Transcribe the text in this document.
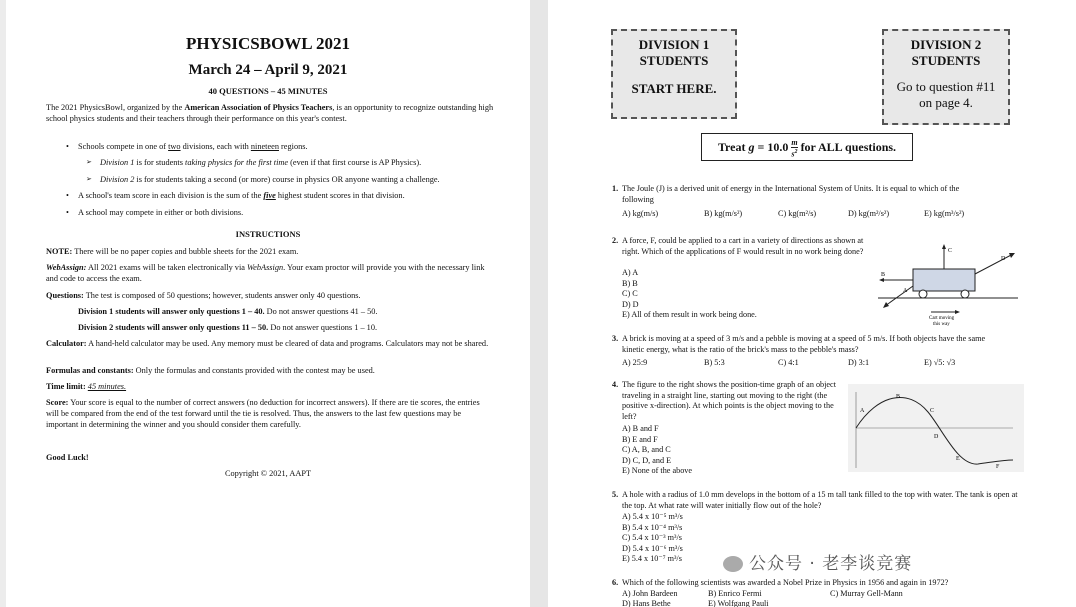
PHYSICSBOWL 2021
March 24 – April 9, 2021
40 QUESTIONS – 45 MINUTES
The 2021 PhysicsBowl, organized by the American Association of Physics Teachers, is an opportunity to recognize outstanding high school physics students and their teachers through their performance on this year's contest.
• Schools compete in one of two divisions, each with nineteen regions.
➢ Division 1 is for students taking physics for the first time (even if that first course is AP Physics).
➢ Division 2 is for students taking a second (or more) course in physics OR anyone wanting a challenge.
• A school's team score in each division is the sum of the five highest student scores in that division.
• A school may compete in either or both divisions.
INSTRUCTIONS
NOTE: There will be no paper copies and bubble sheets for the 2021 exam.
WebAssign: All 2021 exams will be taken electronically via WebAssign. Your exam proctor will provide you with the necessary link and code to access the exam.
Questions: The test is composed of 50 questions; however, students answer only 40 questions.
Division 1 students will answer only questions 1 – 40. Do not answer questions 41 – 50.
Division 2 students will answer only questions 11 – 50. Do not answer questions 1 – 10.
Calculator: A hand-held calculator may be used. Any memory must be cleared of data and programs. Calculators may not be shared.
Formulas and constants: Only the formulas and constants provided with the contest may be used.
Time limit: 45 minutes.
Score: Your score is equal to the number of correct answers (no deduction for incorrect answers). If there are tie scores, the entries will be compared from the end of the test forward until the tie is resolved. Thus, the answers to the last few questions may be important in determining the winner and you should consider them carefully.
Good Luck!
Copyright © 2021, AAPT
DIVISION 1
STUDENTS
START HERE.
DIVISION 2
STUDENTS
Go to question #11
on page 4.
Treat $g = 10.0 \frac{m}{s^2}$ for ALL questions.
1. The Joule (J) is a derived unit of energy in the International System of Units. It is equal to which of the following
A) kg(m/s)	B) kg(m/s²)	C) kg(m²/s)	D) kg(m²/s²)	E) kg(m³/s²)
2. A force, F, could be applied to a cart in a variety of directions as shown at right. Which of the applications of F would result in no work being done?
A) A
B) B
C) C
D) D
E) All of them result in work being done.
C
D
B
A
Cart moving
this way
3. A brick is moving at a speed of 3 m/s and a pebble is moving at a speed of 5 m/s. If both objects have the same kinetic energy, what is the ratio of the brick's mass to the pebble's mass?
A) 25:9	B) 5:3	C) 4:1	D) 3:1	E) √5: √3
4. The figure to the right shows the position-time graph of an object traveling in a straight line, starting out moving to the right (the positive x-direction). At which points is the object moving to the left?
A) B and F
B) E and F
C) A, B, and C
D) C, D, and E
E) None of the above
A
B
C
D
E
F
5. A hole with a radius of 1.0 mm develops in the bottom of a 15 m tall tank filled to the top with water. The tank is open at the top. At what rate will water initially flow out of the hole?
A) 5.4 x 10⁻⁵ m³/s
B) 5.4 x 10⁻⁴ m³/s
C) 5.4 x 10⁻³ m³/s
D) 5.4 x 10⁻⁶ m³/s
E) 5.4 x 10⁻⁷ m³/s
6. Which of the following scientists was awarded a Nobel Prize in Physics in 1956 and again in 1972?
A) John Bardeen	B) Enrico Fermi	C) Murray Gell-Mann
D) Hans Bethe	E) Wolfgang Pauli
公众号 · 老李谈竞赛
